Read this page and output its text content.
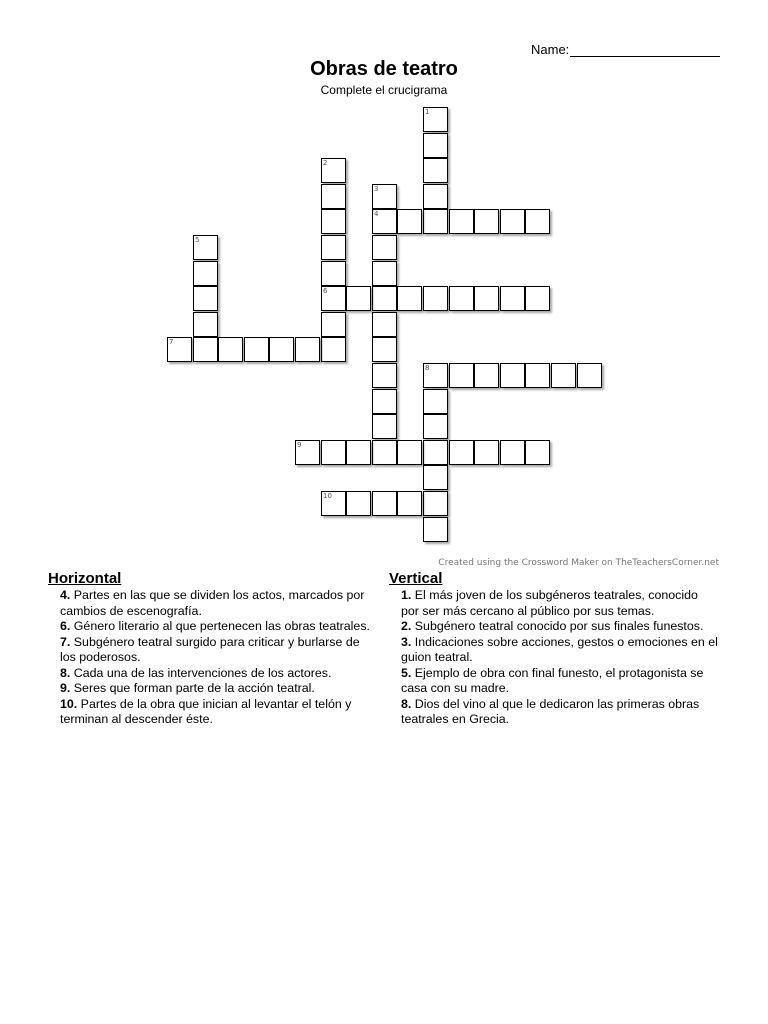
Name:
Obras de teatro
Complete el crucigrama
1
2
6
3
4
5
7
8
9
10
Created using the Crossword Maker on TheTeachersCorner.net
Horizontal

4. Partes en las que se dividen los actos, marcados por cambios de escenografía.

6. Género literario al que pertenecen las obras teatrales.

7. Subgénero teatral surgido para criticar y burlarse de los poderosos.

8. Cada una de las intervenciones de los actores.

9. Seres que forman parte de la acción teatral.

10. Partes de la obra que inician al levantar el telón y terminan al descender éste.

Vertical

1. El más joven de los subgéneros teatrales, conocido por ser más cercano al público por sus temas.

2. Subgénero teatral conocido por sus finales funestos.

3. Indicaciones sobre acciones, gestos o emociones en el guion teatral.

5. Ejemplo de obra con final funesto, el protagonista se casa con su madre.

8. Dios del vino al que le dedicaron las primeras obras teatrales en Grecia.
